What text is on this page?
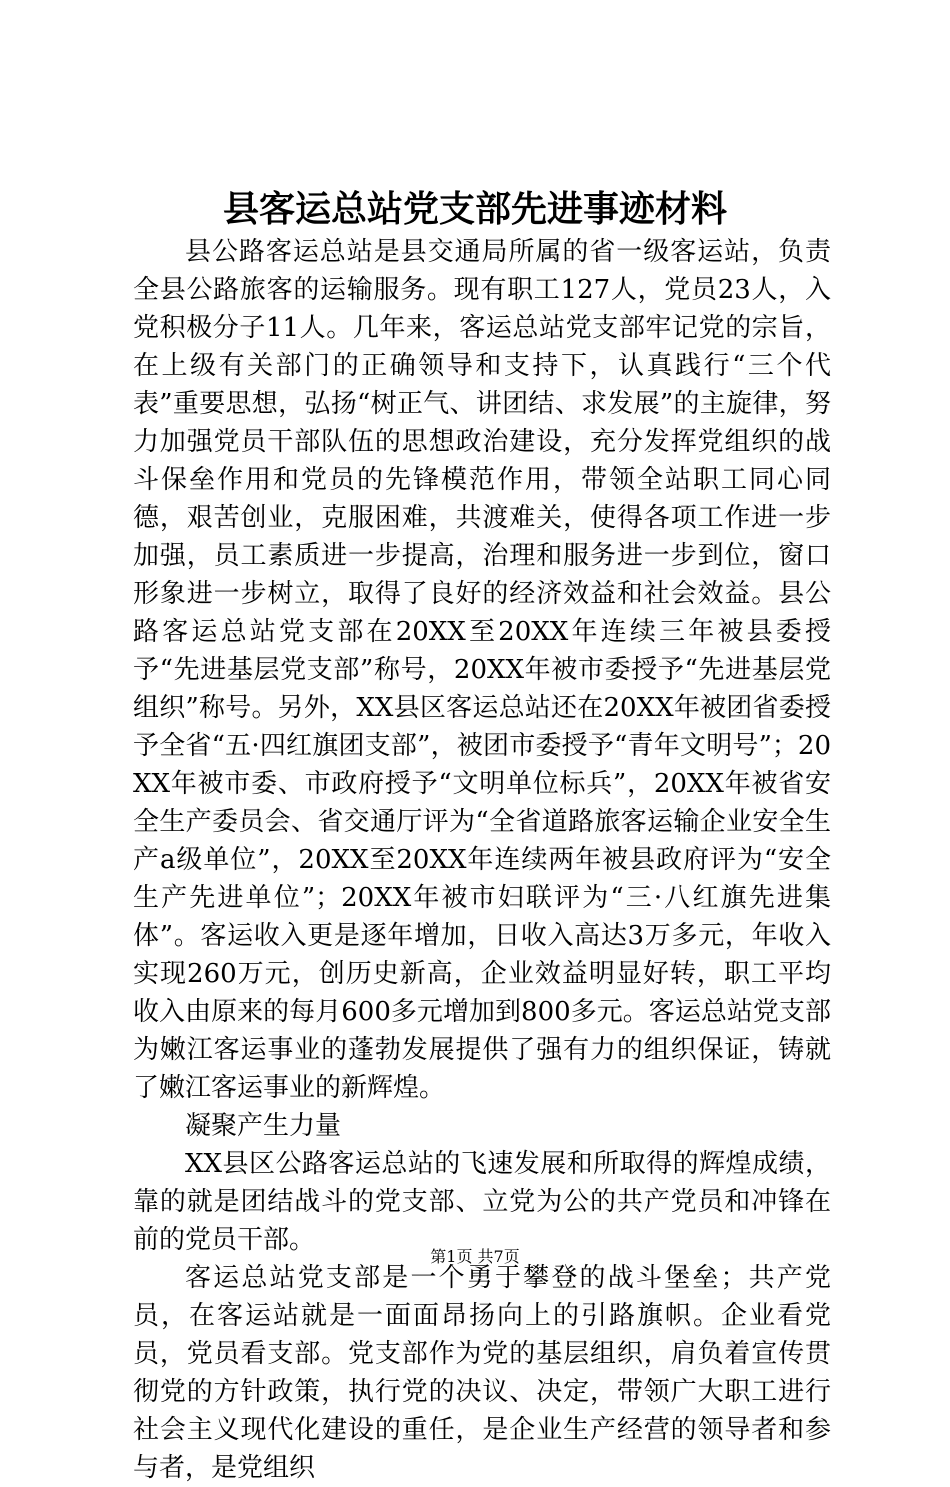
县客运总站党支部先进事迹材料

县公路客运总站是县交通局所属的省一级客运站，负责全县公路旅客的运输服务。现有职工127人，党员23人，入党积极分子11人。几年来，客运总站党支部牢记党的宗旨，在上级有关部门的正确领导和支持下，认真践行“三个代表”重要思想，弘扬“树正气、讲团结、求发展”的主旋律，努力加强党员干部队伍的思想政治建设，充分发挥党组织的战斗保垒作用和党员的先锋模范作用，带领全站职工同心同德，艰苦创业，克服困难，共渡难关，使得各项工作进一步加强，员工素质进一步提高，治理和服务进一步到位，窗口形象进一步树立，取得了良好的经济效益和社会效益。县公路客运总站党支部在20XX至20XX年连续三年被县委授予“先进基层党支部”称号，20XX年被市委授予“先进基层党组织”称号。另外，XX县区客运总站还在20XX年被团省委授予全省“五·四红旗团支部”，被团市委授予“青年文明号”；20XX年被市委、市政府授予“文明单位标兵”，20XX年被省安全生产委员会、省交通厅评为“全省道路旅客运输企业安全生产a级单位”，20XX至20XX年连续两年被县政府评为“安全生产先进单位”；20XX年被市妇联评为“三·八红旗先进集体”。客运收入更是逐年增加，日收入高达3万多元，年收入实现260万元，创历史新高，企业效益明显好转，职工平均收入由原来的每月600多元增加到800多元。客运总站党支部为嫩江客运事业的蓬勃发展提供了强有力的组织保证，铸就了嫩江客运事业的新辉煌。

凝聚产生力量

XX县区公路客运总站的飞速发展和所取得的辉煌成绩，靠的就是团结战斗的党支部、立党为公的共产党员和冲锋在前的党员干部。

客运总站党支部是一个勇于攀登的战斗堡垒；共产党员，在客运站就是一面面昂扬向上的引路旗帜。企业看党员，党员看支部。党支部作为党的基层组织，肩负着宣传贯彻党的方针政策，执行党的决议、决定，带领广大职工进行社会主义现代化建设的重任，是企业生产经营的领导者和参与者，是党组织

第1页 共7页
